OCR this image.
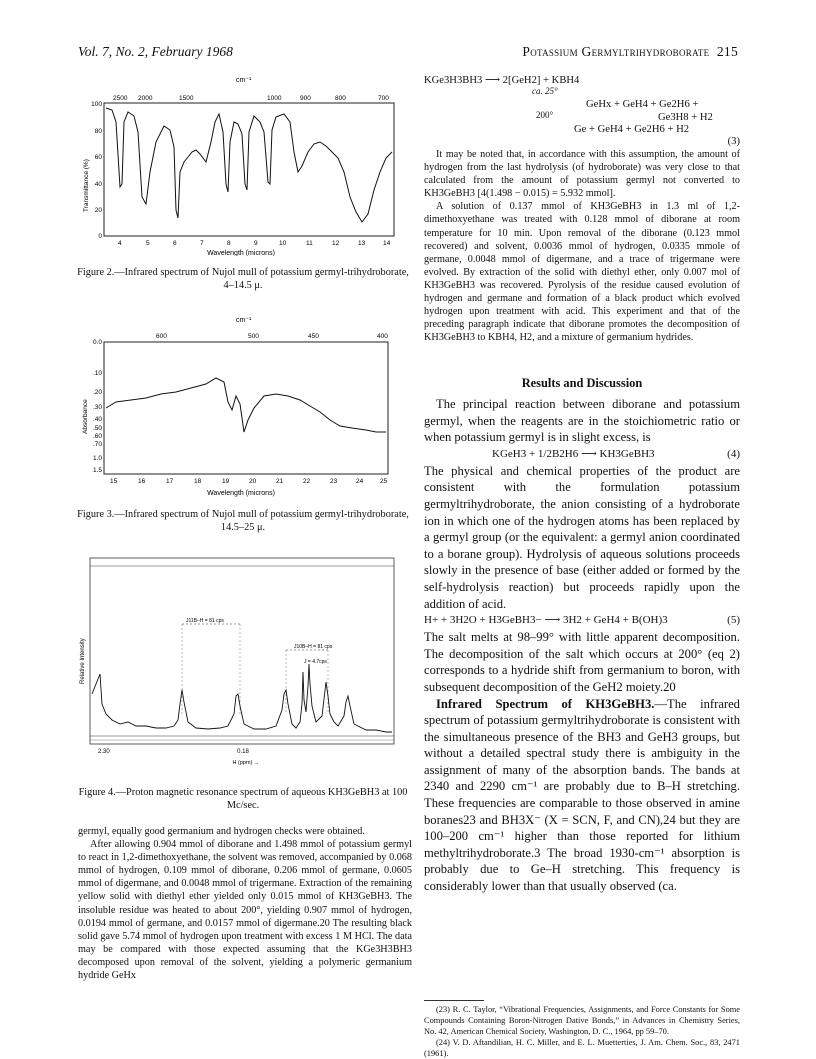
Vol. 7, No. 2, February 1968	Potassium Germyltrihydroborate 215
cm⁻¹
2500 2000	1500	1000	900	800	700
100
80
60
40
20
0
Transmittance (%)
4	5	6	7	8	9	10	11	12	13	14
Wavelength (microns)
Figure 2.—Infrared spectrum of Nujol mull of potassium germyl-trihydroborate, 4–14.5 μ.
cm⁻¹
600	500	450	400
0.0
.10
.20
.30
.40
.50
.60
.70
1.0
1.5
Absorbance
15	16	17	18	19	20	21	22	23	24	25
Wavelength (microns)
Figure 3.—Infrared spectrum of Nujol mull of potassium germyl-trihydroborate, 14.5–25 μ.
Relative Intensity
J11B–H = 81 cps
J10B–H = 81 cps
J = 4.7cps
2.30	0.18
H (ppm) →
Figure 4.—Proton magnetic resonance spectrum of aqueous KH3GeBH3 at 100 Mc/sec.

germyl, equally good germanium and hydrogen checks were obtained.

After allowing 0.904 mmol of diborane and 1.498 mmol of potassium germyl to react in 1,2-dimethoxyethane, the solvent was removed, accompanied by 0.068 mmol of hydrogen, 0.109 mmol of diborane, 0.206 mmol of germane, 0.0605 mmol of digermane, and 0.0048 mmol of trigermane. Extraction of the remaining yellow solid with diethyl ether yielded only 0.015 mmol of KH3GeBH3. The insoluble residue was heated to about 200°, yielding 0.907 mmol of hydrogen, 0.0194 mmol of germane, and 0.0157 mmol of digermane.20 The resulting black solid gave 5.74 mmol of hydrogen upon treatment with excess 1 M HCl. The data may be compared with those expected assuming that the KGe3H3BH3 decomposed upon removal of the solvent, yielding a polymeric germanium hydride GeHx

KGe3H3BH3 ⟶ 2[GeH2] + KBH4
ca. 25°
GeHx + GeH4 + Ge2H6 +
200°	Ge3H8 + H2
Ge + GeH4 + Ge2H6 + H2
(3)

It may be noted that, in accordance with this assumption, the amount of hydrogen from the last hydrolysis (of hydroborate) was very close to that calculated from the amount of potassium germyl not converted to KH3GeBH3 [4(1.498 − 0.015) = 5.932 mmol].

A solution of 0.137 mmol of KH3GeBH3 in 1.3 ml of 1,2-dimethoxyethane was treated with 0.128 mmol of diborane at room temperature for 10 min. Upon removal of the diborane (0.123 mmol recovered) and solvent, 0.0036 mmol of hydrogen, 0.0335 mmole of germane, 0.0048 mmol of digermane, and a trace of trigermane were evolved. By extraction of the solid with diethyl ether, only 0.007 mol of KH3GeBH3 was recovered. Pyrolysis of the residue caused evolution of hydrogen and germane and formation of a black product which evolved hydrogen upon treatment with acid. This experiment and that of the preceding paragraph indicate that diborane promotes the decomposition of KH3GeBH3 to KBH4, H2, and a mixture of germanium hydrides.

Results and Discussion

The principal reaction between diborane and potassium germyl, when the reagents are in the stoichiometric ratio or when potassium germyl is in slight excess, is

KGeH3 + 1/2B2H6 ⟶ KH3GeBH3	(4)

The physical and chemical properties of the product are consistent with the formulation potassium germyltrihydroborate, the anion consisting of a hydroborate ion in which one of the hydrogen atoms has been replaced by a germyl group (or the equivalent: a germyl anion coordinated to a borane group). Hydrolysis of aqueous solutions proceeds slowly in the presence of base (either added or formed by the self-hydrolysis reaction) but proceeds rapidly upon the addition of acid.

H+ + 3H2O + H3GeBH3− ⟶ 3H2 + GeH4 + B(OH)3	(5)

The salt melts at 98–99° with little apparent decomposition. The decomposition of the salt which occurs at 200° (eq 2) corresponds to a hydride shift from germanium to boron, with subsequent decomposition of the GeH2 moiety.20

Infrared Spectrum of KH3GeBH3.—The infrared spectrum of potassium germyltrihydroborate is consistent with the simultaneous presence of the BH3 and GeH3 groups, but without a detailed spectral study there is ambiguity in the assignment of many of the absorption bands. The bands at 2340 and 2290 cm⁻¹ are probably due to B–H stretching. These frequencies are comparable to those observed in amine boranes23 and BH3X⁻ (X = SCN, F, and CN),24 but they are 100–200 cm⁻¹ higher than those reported for lithium methyltrihydroborate.3 The broad 1930-cm⁻¹ absorption is probably due to Ge–H stretching. This frequency is considerably lower than that usually observed (ca.

(23) R. C. Taylor, “Vibrational Frequencies, Assignments, and Force Constants for Some Compounds Containing Boron-Nitrogen Dative Bonds,” in Advances in Chemistry Series, No. 42, American Chemical Society, Washington, D. C., 1964, pp 59–70.
(24) V. D. Aftandilian, H. C. Miller, and E. L. Muetterties, J. Am. Chem. Soc., 83, 2471 (1961).
